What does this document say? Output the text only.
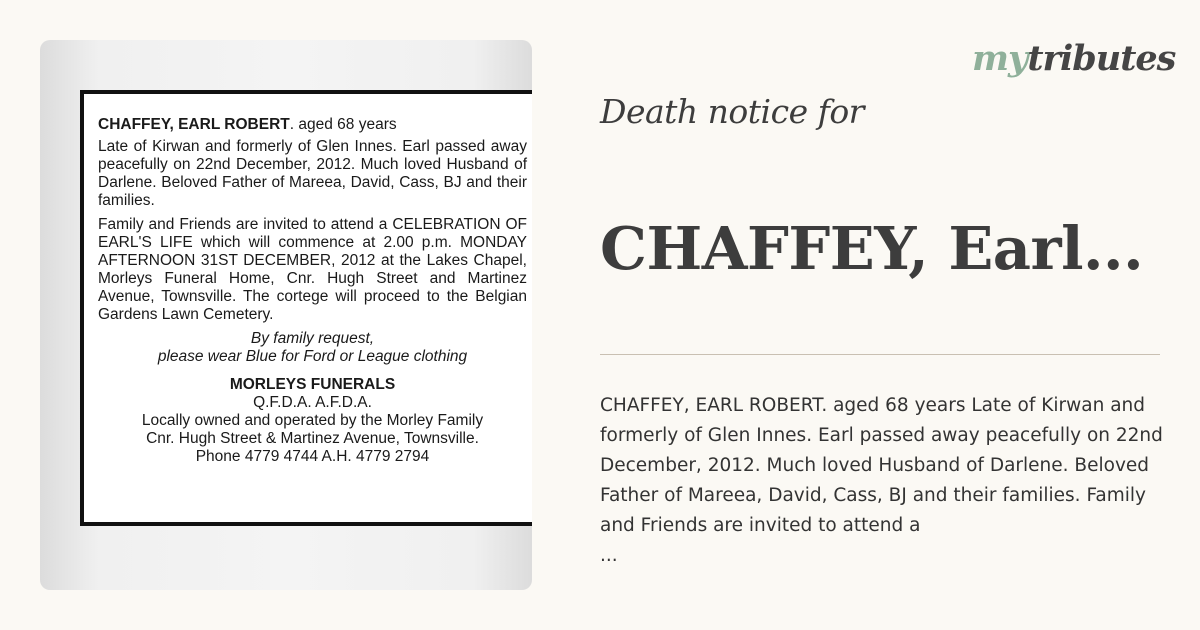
CHAFFEY, EARL ROBERT. aged 68 years

Late of Kirwan and formerly of Glen Innes. Earl passed away peacefully on 22nd December, 2012. Much loved Husband of Darlene. Beloved Father of Mareea, David, Cass, BJ and their families.

Family and Friends are invited to attend a CELEBRATION OF EARL'S LIFE which will commence at 2.00 p.m. MONDAY AFTERNOON 31ST DECEMBER, 2012 at the Lakes Chapel, Morleys Funeral Home, Cnr. Hugh Street and Martinez Avenue, Townsville. The cortege will proceed to the Belgian Gardens Lawn Cemetery.

By family request,
please wear Blue for Ford or League clothing

MORLEYS FUNERALS

Q.F.D.A. A.F.D.A.

Locally owned and operated by the Morley Family

Cnr. Hugh Street & Martinez Avenue, Townsville.

Phone 4779 4744 A.H. 4779 2794

mytributes
Death notice for
CHAFFEY, Earl...

CHAFFEY, EARL ROBERT. aged 68 years Late of Kirwan and formerly of Glen Innes. Earl passed away peacefully on 22nd December, 2012. Much loved Husband of Darlene. Beloved Father of Mareea, David, Cass, BJ and their families. Family and Friends are invited to attend a

...
